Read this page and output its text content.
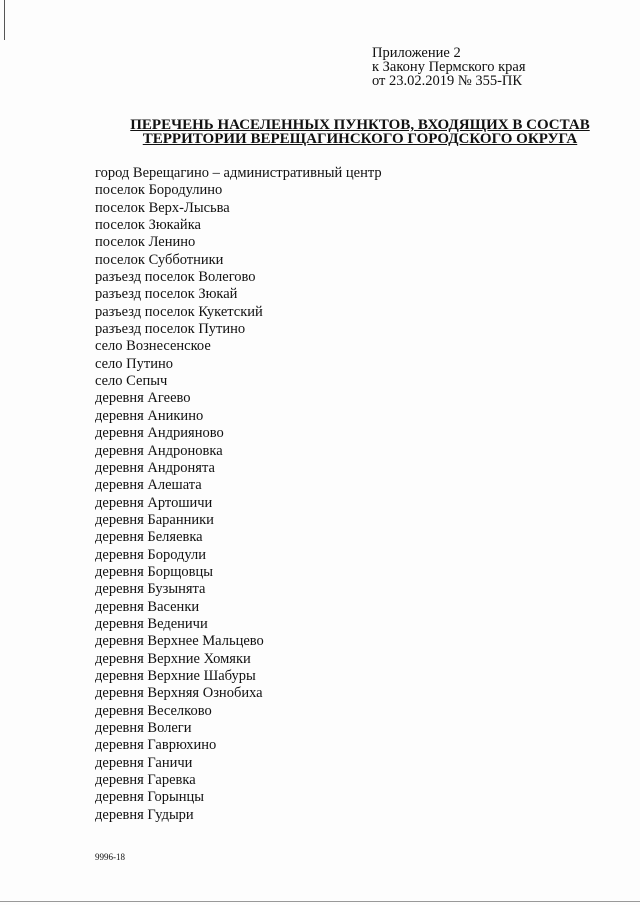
Приложение 2
к Закону Пермского края
от 23.02.2019 № 355-ПК
ПЕРЕЧЕНЬ НАСЕЛЕННЫХ ПУНКТОВ, ВХОДЯЩИХ В СОСТАВ
ТЕРРИТОРИИ ВЕРЕЩАГИНСКОГО ГОРОДСКОГО ОКРУГА
город Верещагино – административный центр
поселок Бородулино
поселок Верх-Лысьва
поселок Зюкайка
поселок Ленино
поселок Субботники
разъезд поселок Волегово
разъезд поселок Зюкай
разъезд поселок Кукетский
разъезд поселок Путино
село Вознесенское
село Путино
село Сепыч
деревня Агеево
деревня Аникино
деревня Андрияново
деревня Андроновка
деревня Андронята
деревня Алешата
деревня Артошичи
деревня Баранники
деревня Беляевка
деревня Бородули
деревня Борщовцы
деревня Бузынята
деревня Васенки
деревня Веденичи
деревня Верхнее Мальцево
деревня Верхние Хомяки
деревня Верхние Шабуры
деревня Верхняя Ознобиха
деревня Веселково
деревня Волеги
деревня Гаврюхино
деревня Ганичи
деревня Гаревка
деревня Горынцы
деревня Гудыри
9996-18
